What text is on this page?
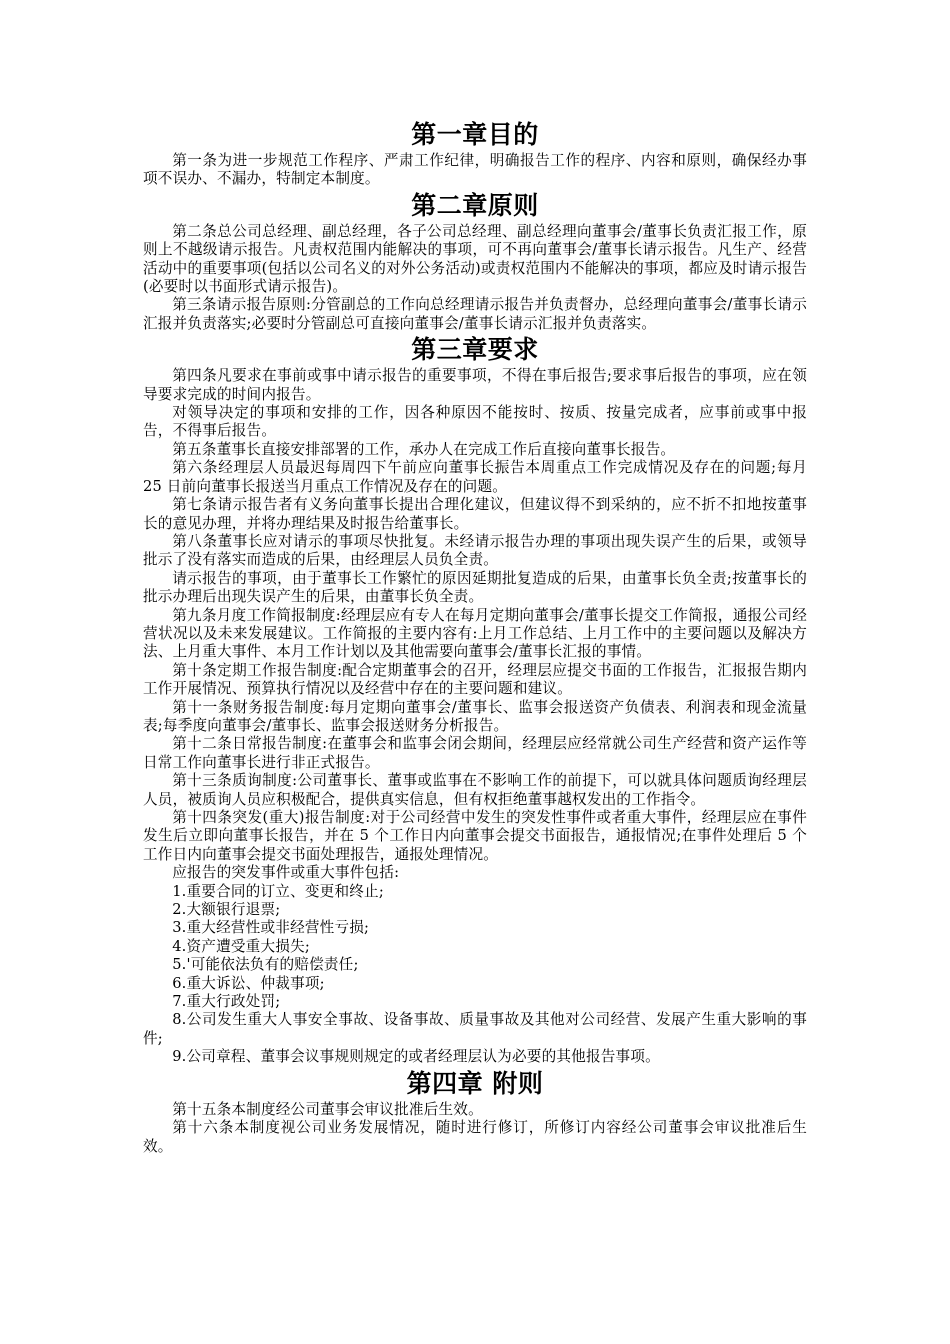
第一章目的

第一条为进一步规范工作程序、严肃工作纪律，明确报告工作的程序、内容和原则，确保经办事项不误办、不漏办，特制定本制度。

第二章原则

第二条总公司总经理、副总经理，各子公司总经理、副总经理向董事会/董事长负责汇报工作，原则上不越级请示报告。凡责权范围内能解决的事项，可不再向董事会/董事长请示报告。凡生产、经营活动中的重要事项(包括以公司名义的对外公务活动)或责权范围内不能解决的事项，都应及时请示报告(必要时以书面形式请示报告)。

第三条请示报告原则:分管副总的工作向总经理请示报告并负责督办，总经理向董事会/董事长请示汇报并负责落实;必要时分管副总可直接向董事会/董事长请示汇报并负责落实。

第三章要求

第四条凡要求在事前或事中请示报告的重要事项，不得在事后报告;要求事后报告的事项，应在领导要求完成的时间内报告。

对领导决定的事项和安排的工作，因各种原因不能按时、按质、按量完成者，应事前或事中报告，不得事后报告。

第五条董事长直接安排部署的工作，承办人在完成工作后直接向董事长报告。

第六条经理层人员最迟每周四下午前应向董事长振告本周重点工作完成情况及存在的问题;每月 25 日前向董事长报送当月重点工作情况及存在的问题。

第七条请示报告者有义务向董事长提出合理化建议，但建议得不到采纳的，应不折不扣地按董事长的意见办理，并将办理结果及时报告给董事长。

第八条董事长应对请示的事项尽快批复。未经请示报告办理的事项出现失误产生的后果，或领导批示了没有落实而造成的后果，由经理层人员负全责。

请示报告的事项，由于董事长工作繁忙的原因延期批复造成的后果，由董事长负全责;按董事长的批示办理后出现失误产生的后果，由董事长负全责。

第九条月度工作简报制度:经理层应有专人在每月定期向董事会/董事长提交工作简报，通报公司经营状况以及未来发展建议。工作简报的主要内容有:上月工作总结、上月工作中的主要问题以及解决方法、上月重大事件、本月工作计划以及其他需要向董事会/董事长汇报的事情。

第十条定期工作报告制度:配合定期董事会的召开，经理层应提交书面的工作报告，汇报报告期内工作开展情况、预算执行情况以及经营中存在的主要问题和建议。

第十一条财务报告制度:每月定期向董事会/董事长、监事会报送资产负债表、利润表和现金流量表;每季度向董事会/董事长、监事会报送财务分析报告。

第十二条日常报告制度:在董事会和监事会闭会期间，经理层应经常就公司生产经营和资产运作等日常工作向董事长进行非正式报告。

第十三条质询制度:公司董事长、董事或监事在不影响工作的前提下，可以就具体问题质询经理层人员，被质询人员应积极配合，提供真实信息，但有权拒绝董事越权发出的工作指令。

第十四条突发(重大)报告制度:对于公司经营中发生的突发性事件或者重大事件，经理层应在事件发生后立即向董事长报告，并在 5 个工作日内向董事会提交书面报告，通报情况;在事件处理后 5 个工作日内向董事会提交书面处理报告，通报处理情况。

应报告的突发事件或重大事件包括:

1.重要合同的订立、变更和终止;

2.大额银行退票;

3.重大经营性或非经营性亏损;

4.资产遭受重大损失;

5.'可能依法负有的赔偿责任;

6.重大诉讼、仲裁事项;

7.重大行政处罚;

8.公司发生重大人事安全事故、设备事故、质量事故及其他对公司经营、发展产生重大影响的事件;

9.公司章程、董事会议事规则规定的或者经理层认为必要的其他报告事项。

第四章 附则

第十五条本制度经公司董事会审议批准后生效。

第十六条本制度视公司业务发展情况，随时进行修订，所修订内容经公司董事会审议批准后生效。
